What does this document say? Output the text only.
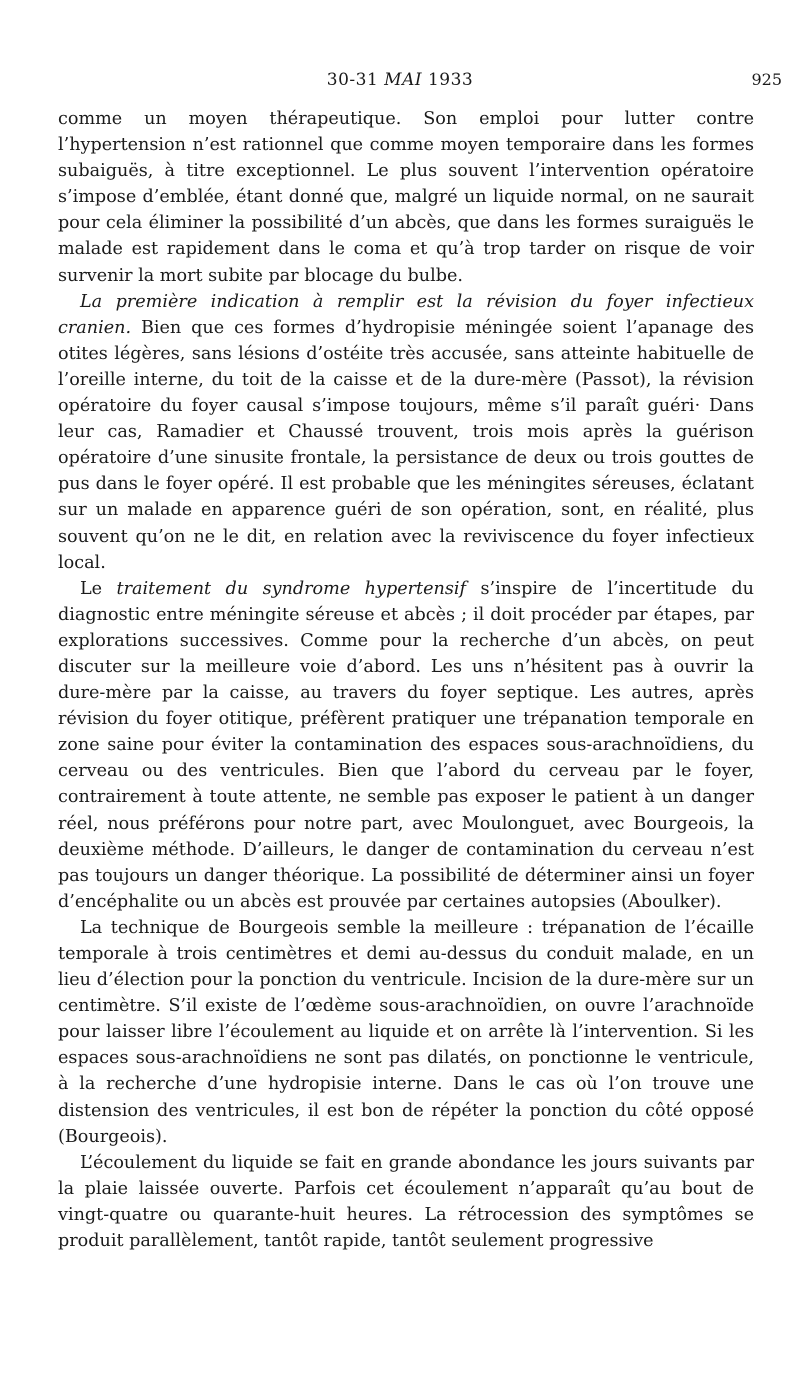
30-31 MAI 1933	925

comme un moyen thérapeutique. Son emploi pour lutter contre l’hypertension n’est rationnel que comme moyen temporaire dans les formes subaiguës, à titre exceptionnel. Le plus souvent l’intervention opératoire s’impose d’emblée, étant donné que, malgré un liquide normal, on ne saurait pour cela éliminer la possibilité d’un abcès, que dans les formes suraiguës le malade est rapidement dans le coma et qu’à trop tarder on risque de voir survenir la mort subite par blocage du bulbe.

La première indication à remplir est la révision du foyer infectieux cranien. Bien que ces formes d’hydropisie méningée soient l’apanage des otites légères, sans lésions d’ostéite très accusée, sans atteinte habituelle de l’oreille interne, du toit de la caisse et de la dure-mère (Passot), la révision opératoire du foyer causal s’impose toujours, même s’il paraît guéri· Dans leur cas, Ramadier et Chaussé trouvent, trois mois après la guérison opératoire d’une sinusite frontale, la persistance de deux ou trois gouttes de pus dans le foyer opéré. Il est probable que les méningites séreuses, éclatant sur un malade en apparence guéri de son opération, sont, en réalité, plus souvent qu’on ne le dit, en relation avec la reviviscence du foyer infectieux local.

Le traitement du syndrome hypertensif s’inspire de l’incertitude du diagnostic entre méningite séreuse et abcès ; il doit procéder par étapes, par explorations successives. Comme pour la recherche d’un abcès, on peut discuter sur la meilleure voie d’abord. Les uns n’hésitent pas à ouvrir la dure-mère par la caisse, au travers du foyer septique. Les autres, après révision du foyer otitique, préfèrent pratiquer une trépanation temporale en zone saine pour éviter la contamination des espaces sous-arachnoïdiens, du cerveau ou des ventricules. Bien que l’abord du cerveau par le foyer, contrairement à toute attente, ne semble pas exposer le patient à un danger réel, nous préférons pour notre part, avec Moulonguet, avec Bourgeois, la deuxième méthode. D’ailleurs, le danger de contamination du cerveau n’est pas toujours un danger théorique. La possibilité de déterminer ainsi un foyer d’encéphalite ou un abcès est prouvée par certaines autopsies (Aboulker).

La technique de Bourgeois semble la meilleure : trépanation de l’écaille temporale à trois centimètres et demi au-dessus du conduit malade, en un lieu d’élection pour la ponction du ventricule. Incision de la dure-mère sur un centimètre. S’il existe de l’œdème sous-arachnoïdien, on ouvre l’arachnoïde pour laisser libre l’écoulement au liquide et on arrête là l’intervention. Si les espaces sous-arachnoïdiens ne sont pas dilatés, on ponctionne le ventricule, à la recherche d’une hydropisie interne. Dans le cas où l’on trouve une distension des ventricules, il est bon de répéter la ponction du côté opposé (Bourgeois).

L’écoulement du liquide se fait en grande abondance les jours suivants par la plaie laissée ouverte. Parfois cet écoulement n’apparaît qu’au bout de vingt-quatre ou quarante-huit heures. La rétrocession des symptômes se produit parallèlement, tantôt rapide, tantôt seulement progressive
